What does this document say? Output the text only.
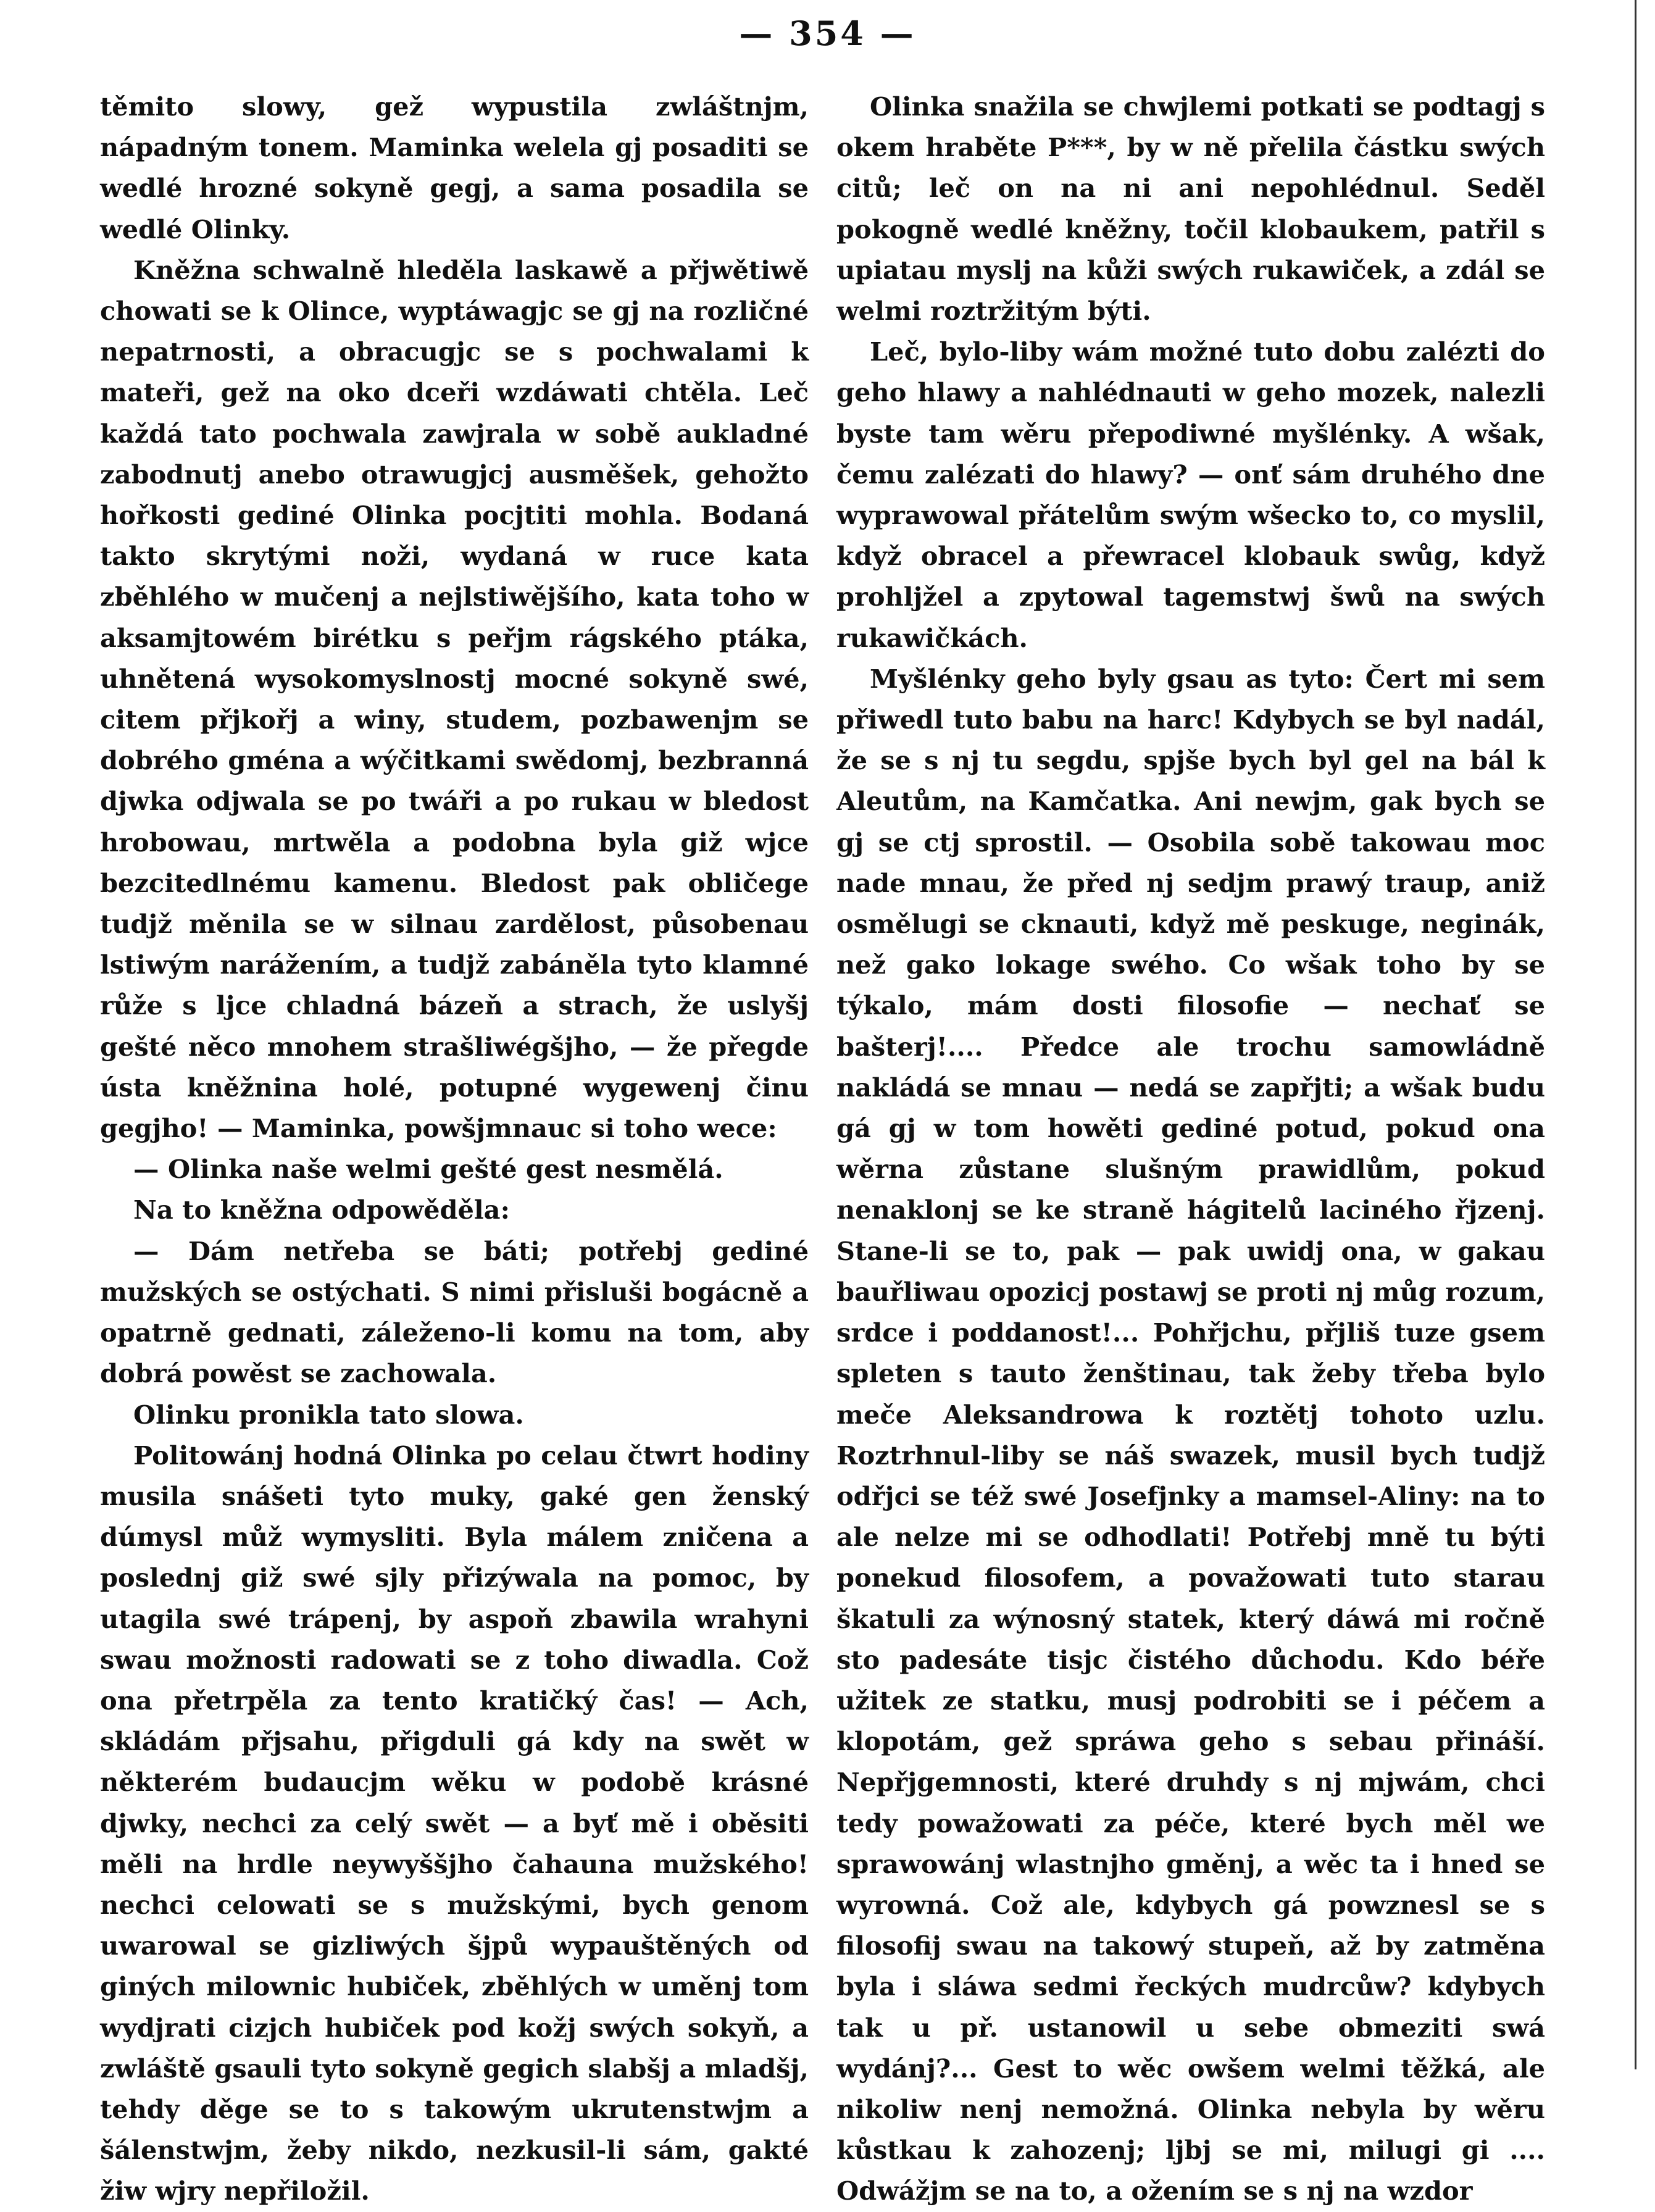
— 354 —

těmito slowy, gež wypustila zwláštnjm, nápadným tonem. Maminka welela gj posaditi se wedlé hrozné sokyně gegj, a sama posadila se wedlé Olinky.

Kněžna schwalně hleděla laskawě a přjwětiwě chowati se k Olince, wyptáwagjc se gj na rozličné nepatrnosti, a obracugjc se s pochwalami k mateři, gež na oko dceři wzdáwati chtěla. Leč každá tato pochwala zawjrala w sobě aukladné zabodnutj anebo otrawugjcj ausměšek, gehožto hořkosti gediné Olinka pocjtiti mohla. Bodaná takto skrytými noži, wydaná w ruce kata zběhlého w mučenj a nejlstiwějšího, kata toho w aksamjtowém birétku s peřjm rágského ptáka, uhnětená wysokomyslnostj mocné sokyně swé, citem přjkořj a winy, studem, pozbawenjm se dobrého gména a wýčitkami swědomj, bezbranná djwka odjwala se po twáři a po rukau w bledost hrobowau, mrtwěla a podobna byla giž wjce bezcitedlnému kamenu. Bledost pak obličege tudjž měnila se w silnau zardělost, působenau lstiwým narážením, a tudjž zabáněla tyto klamné růže s ljce chladná bázeň a strach, že uslyšj gešté něco mnohem strašliwégšjho, — že přegde ústa kněžnina holé, potupné wygewenj činu gegjho! — Maminka, powšjmnauc si toho wece:

— Olinka naše welmi gešté gest nesmělá.

Na to kněžna odpowěděla:

— Dám netřeba se báti; potřebj gediné mužských se ostýchati. S nimi přisluši bogácně a opatrně gednati, záleženo-li komu na tom, aby dobrá powěst se zachowala.

Olinku pronikla tato slowa.

Politowánj hodná Olinka po celau čtwrt hodiny musila snášeti tyto muky, gaké gen ženský dúmysl můž wymysliti. Byla málem zničena a poslednj giž swé sjly přizýwala na pomoc, by utagila swé trápenj, by aspoň zbawila wrahyni swau možnosti radowati se z toho diwadla. Což ona přetrpěla za tento kratičký čas! — Ach, skládám přjsahu, přigduli gá kdy na swět w některém budaucjm wěku w podobě krásné djwky, nechci za celý swět — a byť mě i oběsiti měli na hrdle neywyššjho čahauna mužského! nechci celowati se s mužskými, bych genom uwarowal se gizliwých šjpů wypauštěných od giných milownic hubiček, zběhlých w uměnj tom wydjrati cizjch hubiček pod kožj swých sokyň, a zwláště gsauli tyto sokyně gegich slabšj a mladšj, tehdy děge se to s takowým ukrutenstwjm a šálenstwjm, žeby nikdo, nezkusil-li sám, gakté žiw wjry nepřiložil.

Olinka snažila se chwjlemi potkati se podtagj s okem hraběte P***, by w ně přelila částku swých citů; leč on na ni ani nepohlédnul. Seděl pokogně wedlé kněžny, točil klobaukem, patřil s upiatau myslj na kůži swých rukawiček, a zdál se welmi roztržitým býti.

Leč, bylo-liby wám možné tuto dobu zalézti do geho hlawy a nahlédnauti w geho mozek, nalezli byste tam wěru přepodiwné myšlénky. A wšak, čemu zalézati do hlawy? — onť sám druhého dne wyprawowal přátelům swým wšecko to, co myslil, když obracel a přewracel klobauk swůg, když prohljžel a zpytowal tagemstwj šwů na swých rukawičkách.

Myšlénky geho byly gsau as tyto: Čert mi sem přiwedl tuto babu na harc! Kdybych se byl nadál, že se s nj tu segdu, spjše bych byl gel na bál k Aleutům, na Kamčatka. Ani newjm, gak bych se gj se ctj sprostil. — Osobila sobě takowau moc nade mnau, že před nj sedjm prawý traup, aniž osmělugi se cknauti, když mě peskuge, neginák, než gako lokage swého. Co wšak toho by se týkalo, mám dosti filosofie — nechať se bašterj!.... Předce ale trochu samowládně nakládá se mnau — nedá se zapřjti; a wšak budu gá gj w tom howěti gediné potud, pokud ona wěrna zůstane slušným prawidlům, pokud nenaklonj se ke straně hágitelů laciného řjzenj. Stane-li se to, pak — pak uwidj ona, w gakau bauřliwau opozicj postawj se proti nj můg rozum, srdce i poddanost!... Pohřjchu, přjliš tuze gsem spleten s tauto ženštinau, tak žeby třeba bylo meče Aleksandrowa k roztětj tohoto uzlu. Roztrhnul-liby se náš swazek, musil bych tudjž odřjci se též swé Josefjnky a mamsel-Aliny: na to ale nelze mi se odhodlati! Potřebj mně tu býti ponekud filosofem, a považowati tuto starau škatuli za wýnosný statek, který dáwá mi ročně sto padesáte tisjc čistého důchodu. Kdo béře užitek ze statku, musj podrobiti se i péčem a klopotám, gež spráwa geho s sebau přináší. Nepřjgemnosti, které druhdy s nj mjwám, chci tedy powažowati za péče, které bych měl we sprawowánj wlastnjho gměnj, a wěc ta i hned se wyrowná. Což ale, kdybych gá powznesl se s filosofij swau na takowý stupeň, až by zatměna byla i sláwa sedmi řeckých mudrcůw? kdybych tak u př. ustanowil u sebe obmeziti swá wydánj?... Gest to wěc owšem welmi těžká, ale nikoliw nenj nemožná. Olinka nebyla by wěru kůstkau k zahozenj; ljbj se mi, milugi gi .... Odwážjm se na to, a ožením se s nj na wzdor
